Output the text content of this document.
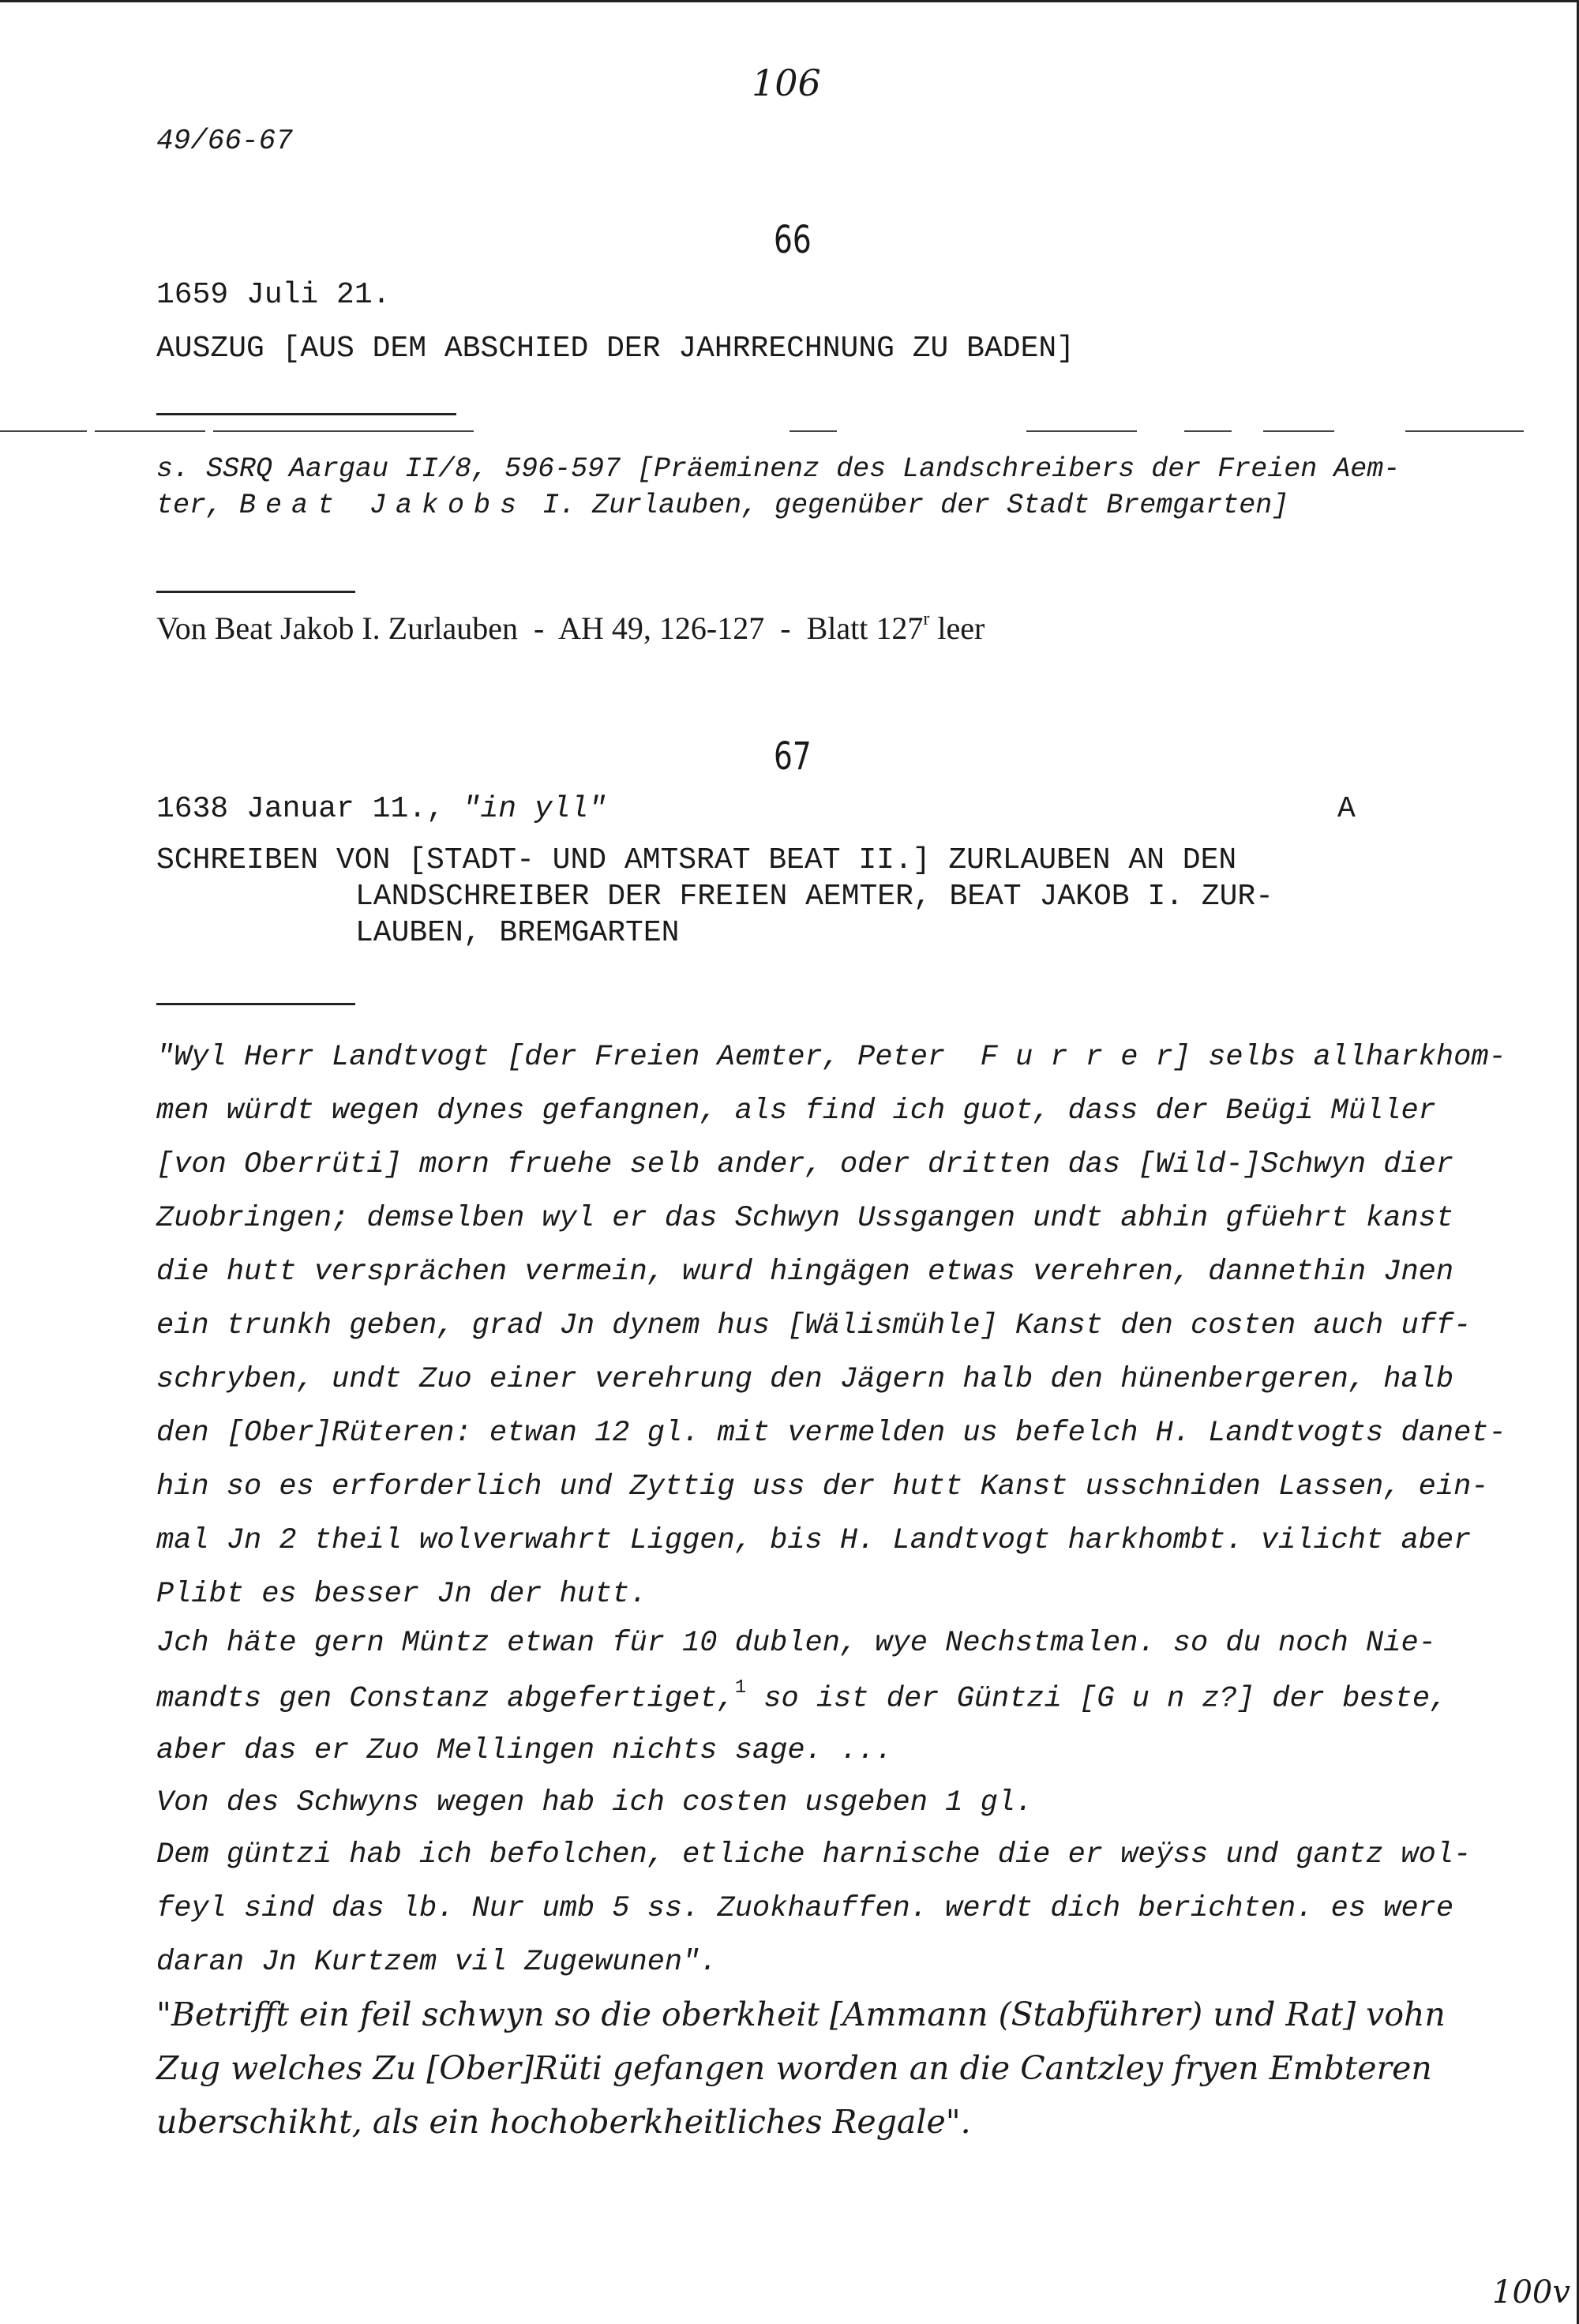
106
49/66-67
66
1659 Juli 21.
AUSZUG [AUS DEM ABSCHIED DER JAHRRECHNUNG ZU BADEN]
s. SSRQ Aargau II/8, 596-597 [Präeminenz des Landschreibers der Freien Aem-
ter, Beat Jakobs I. Zurlauben, gegenüber der Stadt Bremgarten]
Von Beat Jakob I. Zurlauben  -  AH 49, 126-127  -  Blatt 127$^r$ leer
67
1638 Januar 11., "in yll"	A
SCHREIBEN VON [STADT- UND AMTSRAT BEAT II.] ZURLAUBEN AN DEN
LANDSCHREIBER DER FREIEN AEMTER, BEAT JAKOB I. ZUR-
LAUBEN, BREMGARTEN
"Wyl Herr Landtvogt [der Freien Aemter, Peter  F u r r e r] selbs allharkhom-
men würdt wegen dynes gefangnen, als find ich guot, dass der Beügi Müller
[von Oberrüti] morn fruehe selb ander, oder dritten das [Wild-]Schwyn dier
Zuobringen; demselben wyl er das Schwyn Ussgangen undt abhin gfüehrt kanst
die hutt versprächen vermein, wurd hingägen etwas verehren, dannethin Jnen
ein trunkh geben, grad Jn dynem hus [Wälismühle] Kanst den costen auch uff-
schryben, undt Zuo einer verehrung den Jägern halb den hünenbergeren, halb
den [Ober]Rüteren: etwan 12 gl. mit vermelden us befelch H. Landtvogts danet-
hin so es erforderlich und Zyttig uss der hutt Kanst usschniden Lassen, ein-
mal Jn 2 theil wolverwahrt Liggen, bis H. Landtvogt harkhombt. vilicht aber
Plibt es besser Jn der hutt.
Jch häte gern Müntz etwan für 10 dublen, wye Nechstmalen. so du noch Nie-
mandts gen Constanz abgefertiget,$^1$ so ist der Güntzi [G u n z?] der beste,
aber das er Zuo Mellingen nichts sage. ...
Von des Schwyns wegen hab ich costen usgeben 1 gl.
Dem güntzi hab ich befolchen, etliche harnische die er weÿss und gantz wol-
feyl sind das lb. Nur umb 5 ss. Zuokhauffen. werdt dich berichten. es were
daran Jn Kurtzem vil Zugewunen".
"Betrifft ein feil schwyn so die oberkheit [Ammann (Stabführer) und Rat] vohn
Zug welches Zu [Ober]Rüti gefangen worden an die Cantzley fryen Embteren
uberschikht, als ein hochoberkheitliches Regale".
100v
